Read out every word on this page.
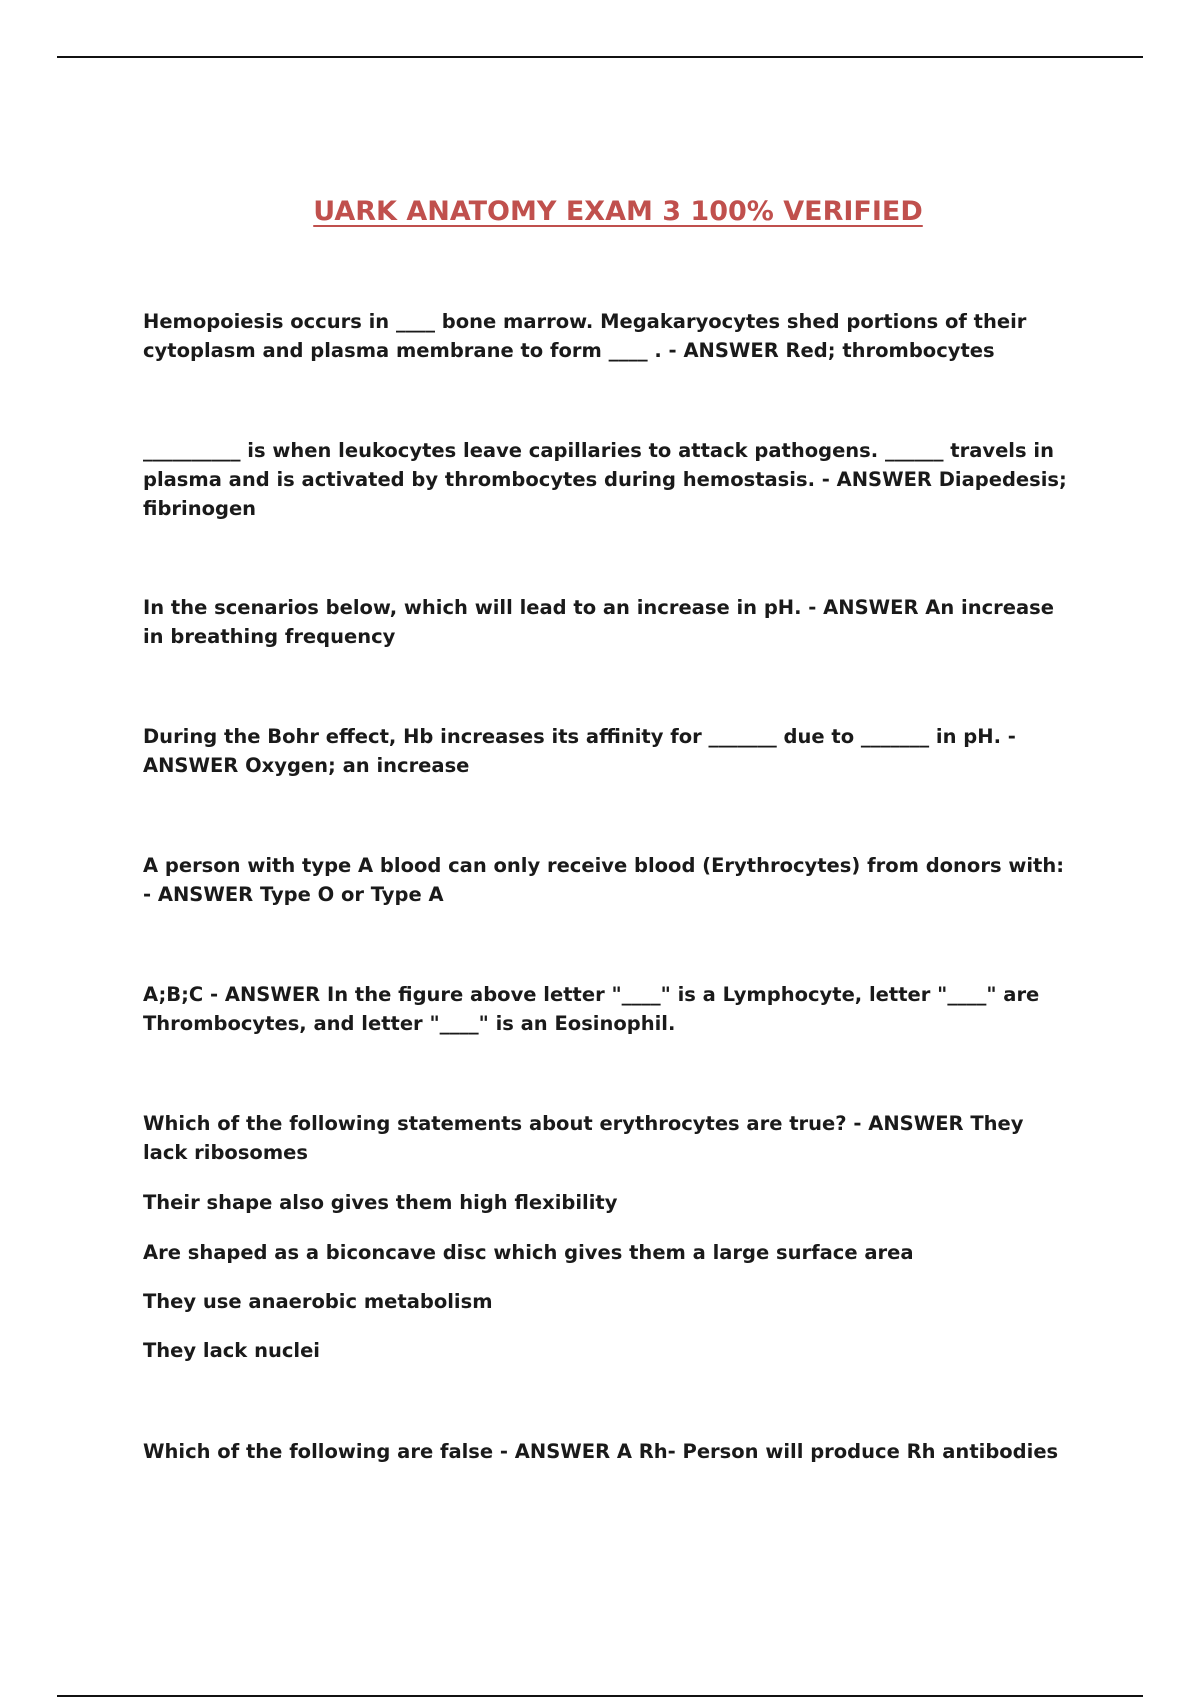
UARK ANATOMY EXAM 3 100% VERIFIED

Hemopoiesis occurs in ____ bone marrow. Megakaryocytes shed portions of their cytoplasm and plasma membrane to form ____ . - ANSWER Red; thrombocytes

__________ is when leukocytes leave capillaries to attack pathogens. ______ travels in plasma and is activated by thrombocytes during hemostasis. - ANSWER Diapedesis; fibrinogen

In the scenarios below, which will lead to an increase in pH. - ANSWER An increase in breathing frequency

During the Bohr effect, Hb increases its affinity for _______ due to _______ in pH. - ANSWER Oxygen; an increase

A person with type A blood can only receive blood (Erythrocytes) from donors with: - ANSWER Type O or Type A

A;B;C - ANSWER In the figure above letter "____" is a Lymphocyte, letter "____" are Thrombocytes, and letter "____" is an Eosinophil.

Which of the following statements about erythrocytes are true? - ANSWER They lack ribosomes

Their shape also gives them high flexibility

Are shaped as a biconcave disc which gives them a large surface area

They use anaerobic metabolism

They lack nuclei

Which of the following are false - ANSWER A Rh- Person will produce Rh antibodies
